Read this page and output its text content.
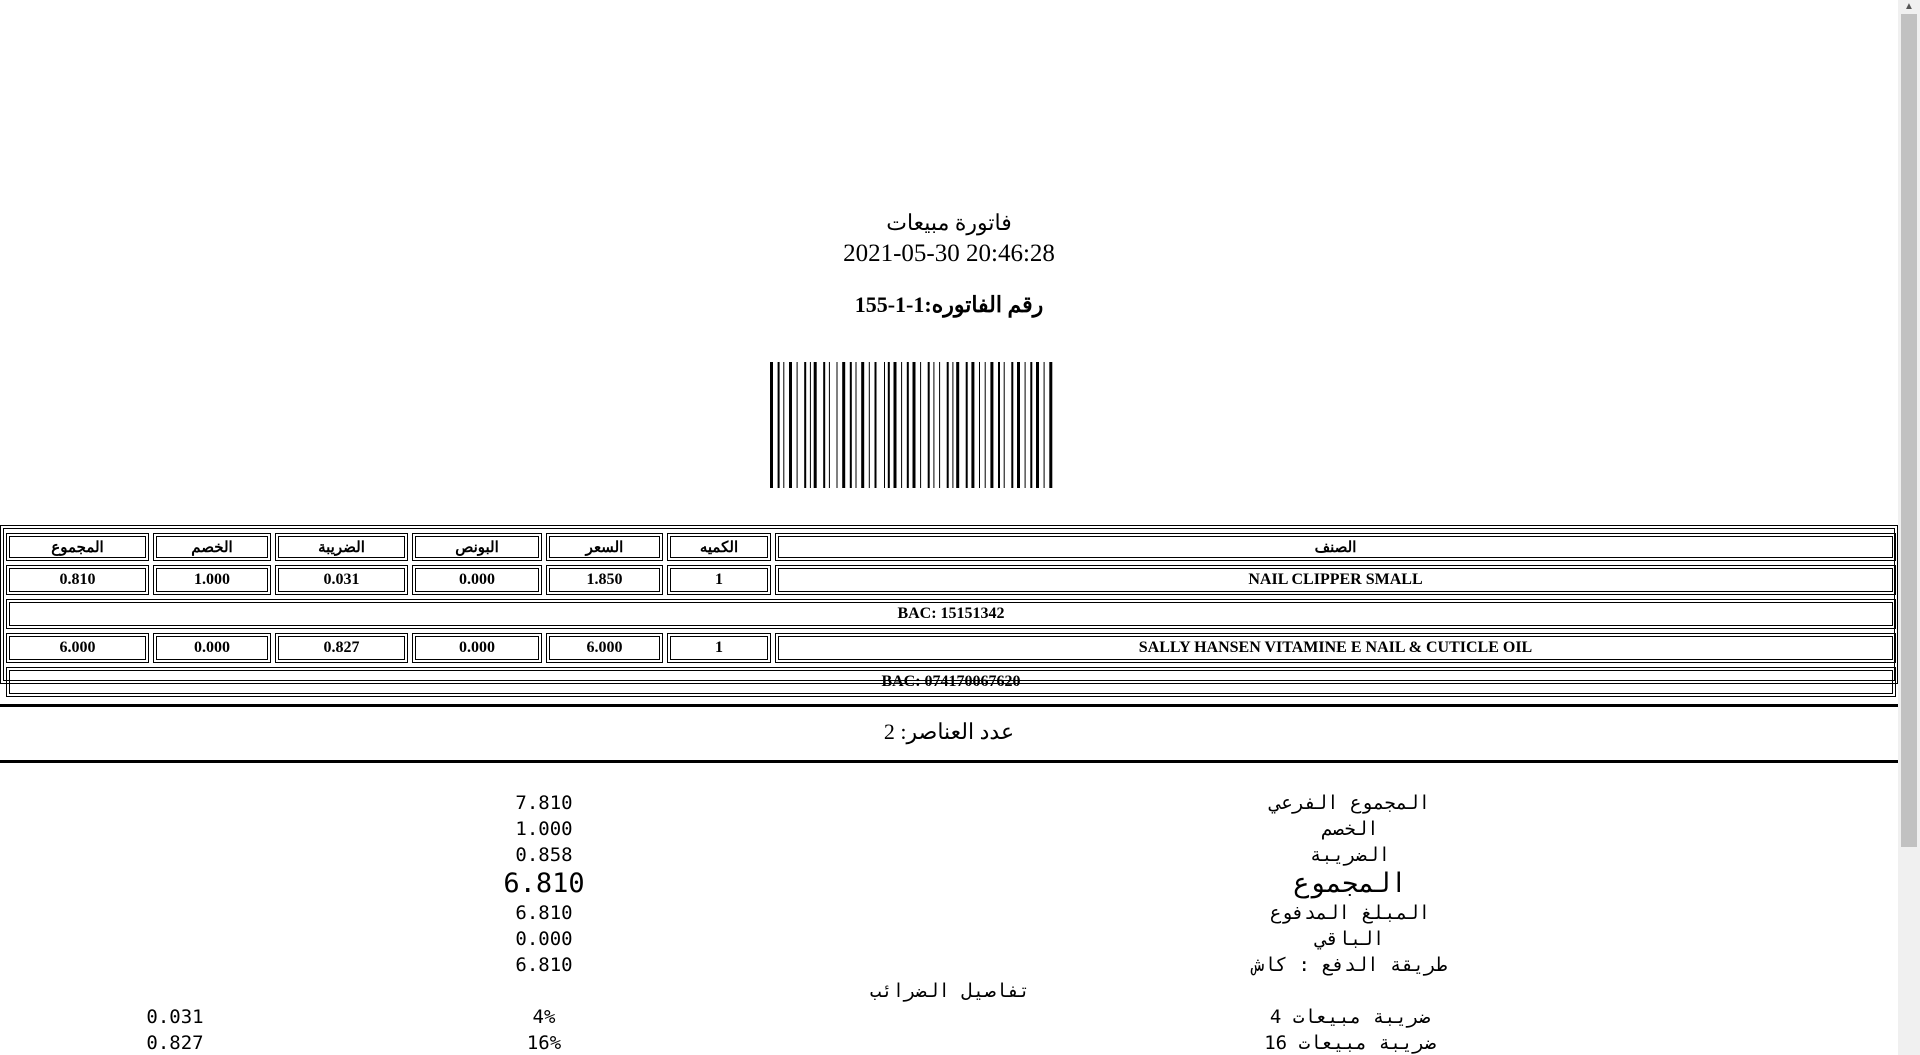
فاتورة مبيعات
2021-05-30 20:46:28
رقم الفاتوره:1-1-155
المجموع	الخصم	الضريبة	البونص	السعر	الكميه	الصنف
0.810	1.000	0.031	0.000	1.850	1	NAIL CLIPPER SMALL
BAC: 15151342						
6.000	0.000	0.827	0.000	6.000	1	SALLY HANSEN VITAMINE E NAIL & CUTICLE OIL
BAC: 074170067620						
عدد العناصر: 2
7.810	المجموع الفرعي
1.000	الخصم
0.858	الضريبة
6.810	المجموع
6.810	المبلغ المدفوع
0.000	الباقي
6.810	طريقة الدفع : كاش
تفاصيل الضرائب
0.031	4%	ضريبة مبيعات 4
0.827	16%	ضريبة مبيعات 16
▲
